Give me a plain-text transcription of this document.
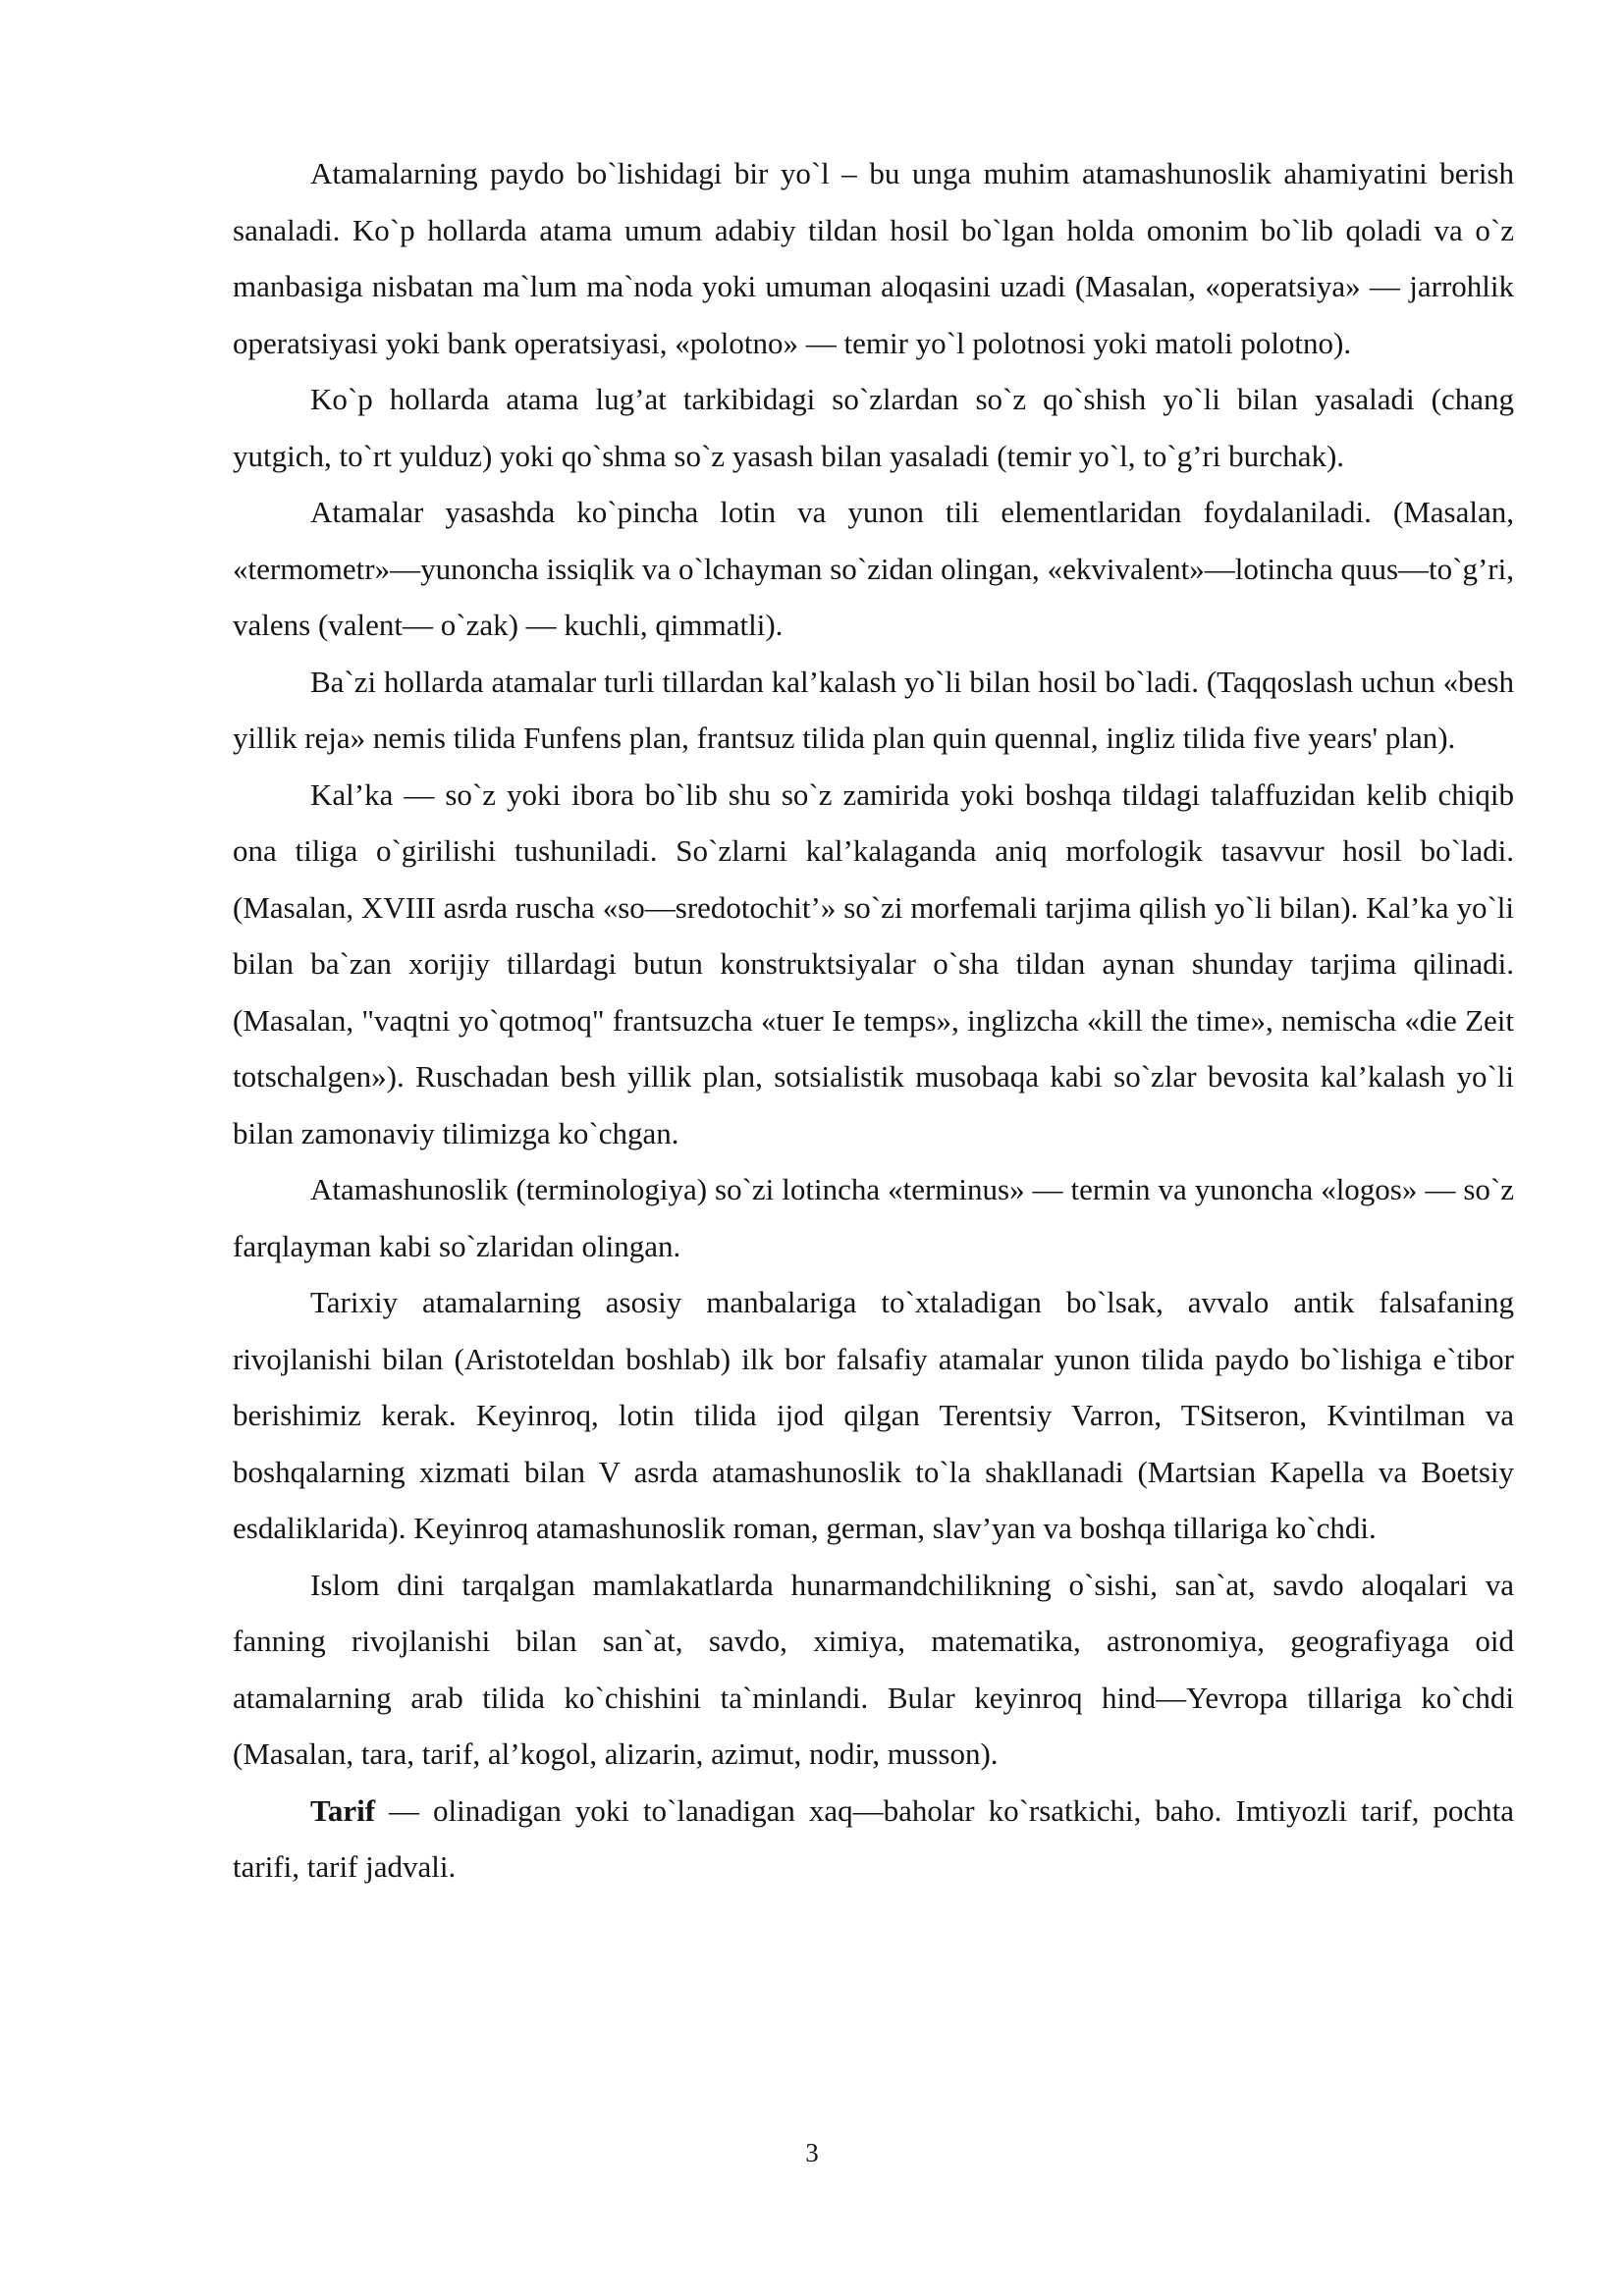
Atamalarning paydo bo`lishidagi bir yo`l – bu unga muhim atamashunoslik ahamiyatini berish sanaladi. Ko`p hollarda atama umum adabiy tildan hosil bo`lgan holda omonim bo`lib qoladi va o`z manbasiga nisbatan ma`lum ma`noda yoki umuman aloqasini uzadi (Masalan, «operatsiya» — jarrohlik operatsiyasi yoki bank operatsiyasi, «polotno» — temir yo`l polotnosi yoki matoli polotno).

Ko`p hollarda atama lug’at tarkibidagi so`zlardan so`z qo`shish yo`li bilan yasaladi (chang yutgich, to`rt yulduz) yoki qo`shma so`z yasash bilan yasaladi (temir yo`l, to`g’ri burchak).

Atamalar yasashda ko`pincha lotin va yunon tili elementlaridan foydalaniladi. (Masalan, «termometr»—yunoncha issiqlik va o`lchayman so`zidan olingan, «ekvivalent»—lotincha quus—to`g’ri, valens (valent— o`zak) — kuchli, qimmatli).

Ba`zi hollarda atamalar turli tillardan kal’kalash yo`li bilan hosil bo`ladi. (Taqqoslash uchun «besh yillik reja» nemis tilida Funfens plan, frantsuz tilida plan quin quennal, ingliz tilida five years' plan).

Kal’ka — so`z yoki ibora bo`lib shu so`z zamirida yoki boshqa tildagi talaffuzidan kelib chiqib ona tiliga o`girilishi tushuniladi. So`zlarni kal’kalaganda aniq morfologik tasavvur hosil bo`ladi. (Masalan, XVIII asrda ruscha «so—sredotochit’» so`zi morfemali tarjima qilish yo`li bilan). Kal’ka yo`li bilan ba`zan xorijiy tillardagi butun konstruktsiyalar o`sha tildan aynan shunday tarjima qilinadi. (Masalan, "vaqtni yo`qotmoq" frantsuzcha «tuer Ie temps», inglizcha «kill the time», nemischa «die Zeit totschalgen»). Ruschadan besh yillik plan, sotsialistik musobaqa kabi so`zlar bevosita kal’kalash yo`li bilan zamonaviy tilimizga ko`chgan.

Atamashunoslik (terminologiya) so`zi lotincha «terminus» — termin va yunoncha «logos» — so`z farqlayman kabi so`zlaridan olingan.

Tarixiy atamalarning asosiy manbalariga to`xtaladigan bo`lsak, avvalo antik falsafaning rivojlanishi bilan (Aristoteldan boshlab) ilk bor falsafiy atamalar yunon tilida paydo bo`lishiga e`tibor berishimiz kerak. Keyinroq, lotin tilida ijod qilgan Terentsiy Varron, TSitseron, Kvintilman va boshqalarning xizmati bilan V asrda atamashunoslik to`la shakllanadi (Martsian Kapella va Boetsiy esdaliklarida). Keyinroq atamashunoslik roman, german, slav’yan va boshqa tillariga ko`chdi.

Islom dini tarqalgan mamlakatlarda hunarmandchilikning o`sishi, san`at, savdo aloqalari va fanning rivojlanishi bilan san`at, savdo, ximiya, matematika, astronomiya, geografiyaga oid atamalarning arab tilida ko`chishini ta`minlandi. Bular keyinroq hind—Yevropa tillariga ko`chdi (Masalan, tara, tarif, al’kogol, alizarin, azimut, nodir, musson).

Tarif — olinadigan yoki to`lanadigan xaq—baholar ko`rsatkichi, baho. Imtiyozli tarif, pochta tarifi, tarif jadvali.

3
